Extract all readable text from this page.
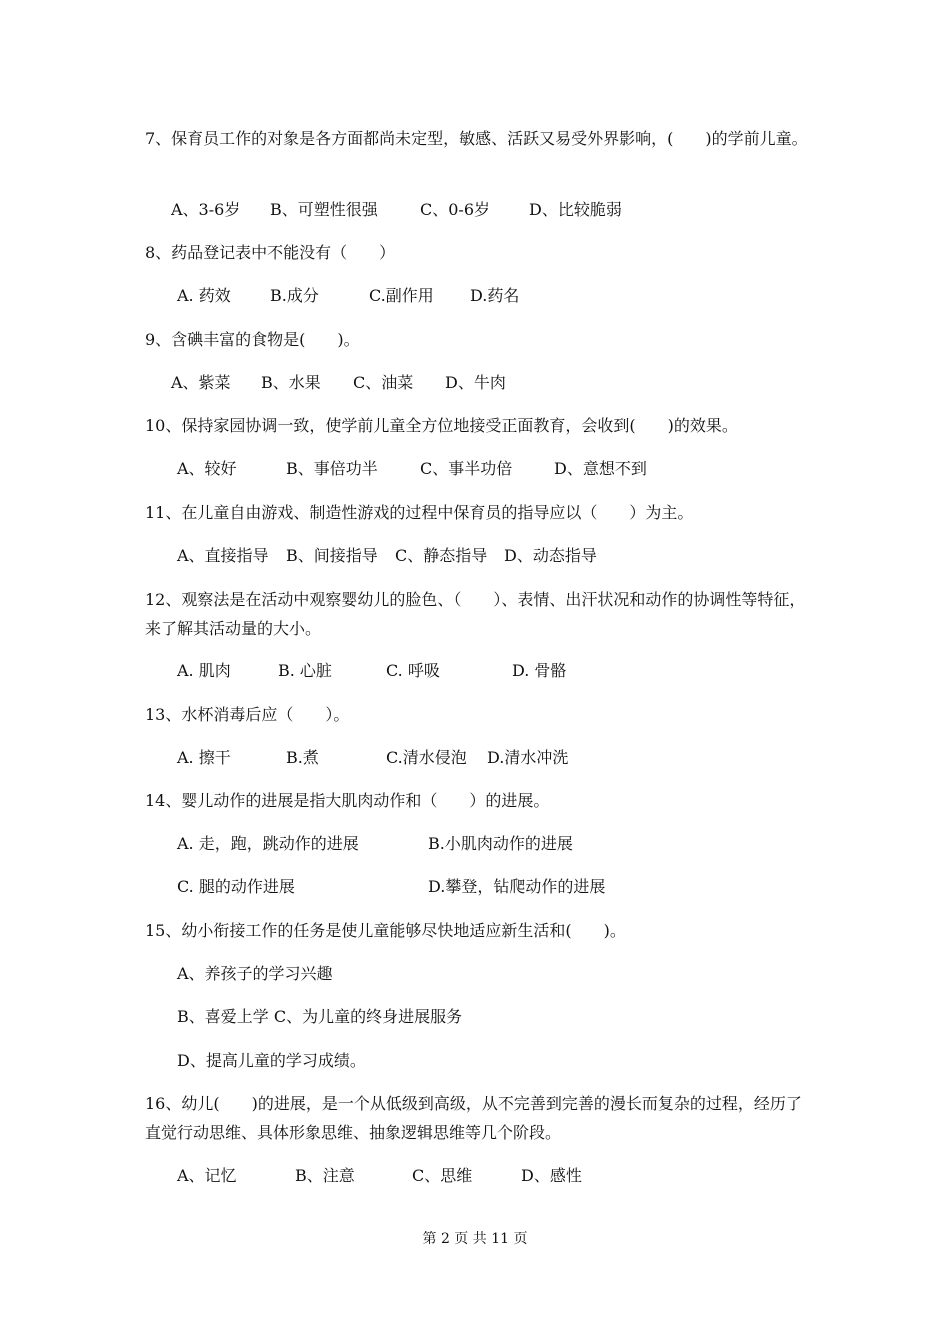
7、保育员工作的对象是各方面都尚未定型，敏感、活跃又易受外界影响，(　　)的学前儿童。
A、3-6岁 B、可塑性很强	C、0-6岁 D、比较脆弱
8、药品登记表中不能没有（　　）
A. 药效 B.成分	C.副作用 D.药名
9、含碘丰富的食物是(　　)。
A、紫菜 B、水果 C、油菜 D、牛肉
10、保持家园协调一致，使学前儿童全方位地接受正面教育，会收到(　　)的效果。
A、较好	B、事倍功半	C、事半功倍	D、意想不到
11、在儿童自由游戏、制造性游戏的过程中保育员的指导应以（　　）为主。
A、直接指导 B、间接指导 C、静态指导 D、动态指导
12、观察法是在活动中观察婴幼儿的脸色、（　　）、表情、出汗状况和动作的协调性等特征，来了解其活动量的大小。
A. 肌肉	B. 心脏	C. 呼吸	D. 骨骼
13、水杯消毒后应（　　）。
A. 擦干	B.煮	C.清水侵泡 D.清水冲洗
14、婴儿动作的进展是指大肌肉动作和（　　）的进展。
A. 走，跑，跳动作的进展	B.小肌肉动作的进展
C. 腿的动作进展	D.攀登，钻爬动作的进展
15、幼小衔接工作的任务是使儿童能够尽快地适应新生活和(　　)。
A、养孩子的学习兴趣
B、喜爱上学 C、为儿童的终身进展服务
D、提高儿童的学习成绩。
16、幼儿(　　)的进展，是一个从低级到高级，从不完善到完善的漫长而复杂的过程，经历了直觉行动思维、具体形象思维、抽象逻辑思维等几个阶段。
A、记忆	B、注意	C、思维	D、感性
第 2 页 共 11 页
